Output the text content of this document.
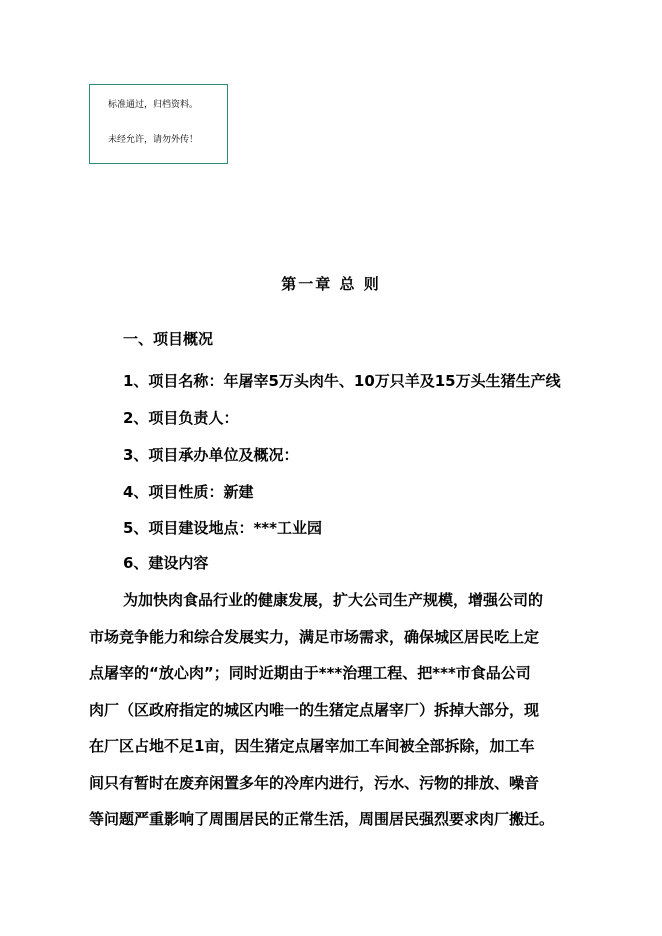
标准通过，归档资料。
未经允许，请勿外传！
第一章 总 则
一、项目概况
1、项目名称：年屠宰5万头肉牛、10万只羊及15万头生猪生产线
2、项目负责人：
3、项目承办单位及概况：
4、项目性质：新建
5、项目建设地点：***工业园
6、建设内容
为加快肉食品行业的健康发展，扩大公司生产规模，增强公司的
市场竞争能力和综合发展实力，满足市场需求，确保城区居民吃上定
点屠宰的“放心肉”；同时近期由于***治理工程、把***市食品公司
肉厂（区政府指定的城区内唯一的生猪定点屠宰厂）拆掉大部分，现
在厂区占地不足1亩，因生猪定点屠宰加工车间被全部拆除，加工车
间只有暂时在废弃闲置多年的冷库内进行，污水、污物的排放、噪音
等问题严重影响了周围居民的正常生活，周围居民强烈要求肉厂搬迁。
